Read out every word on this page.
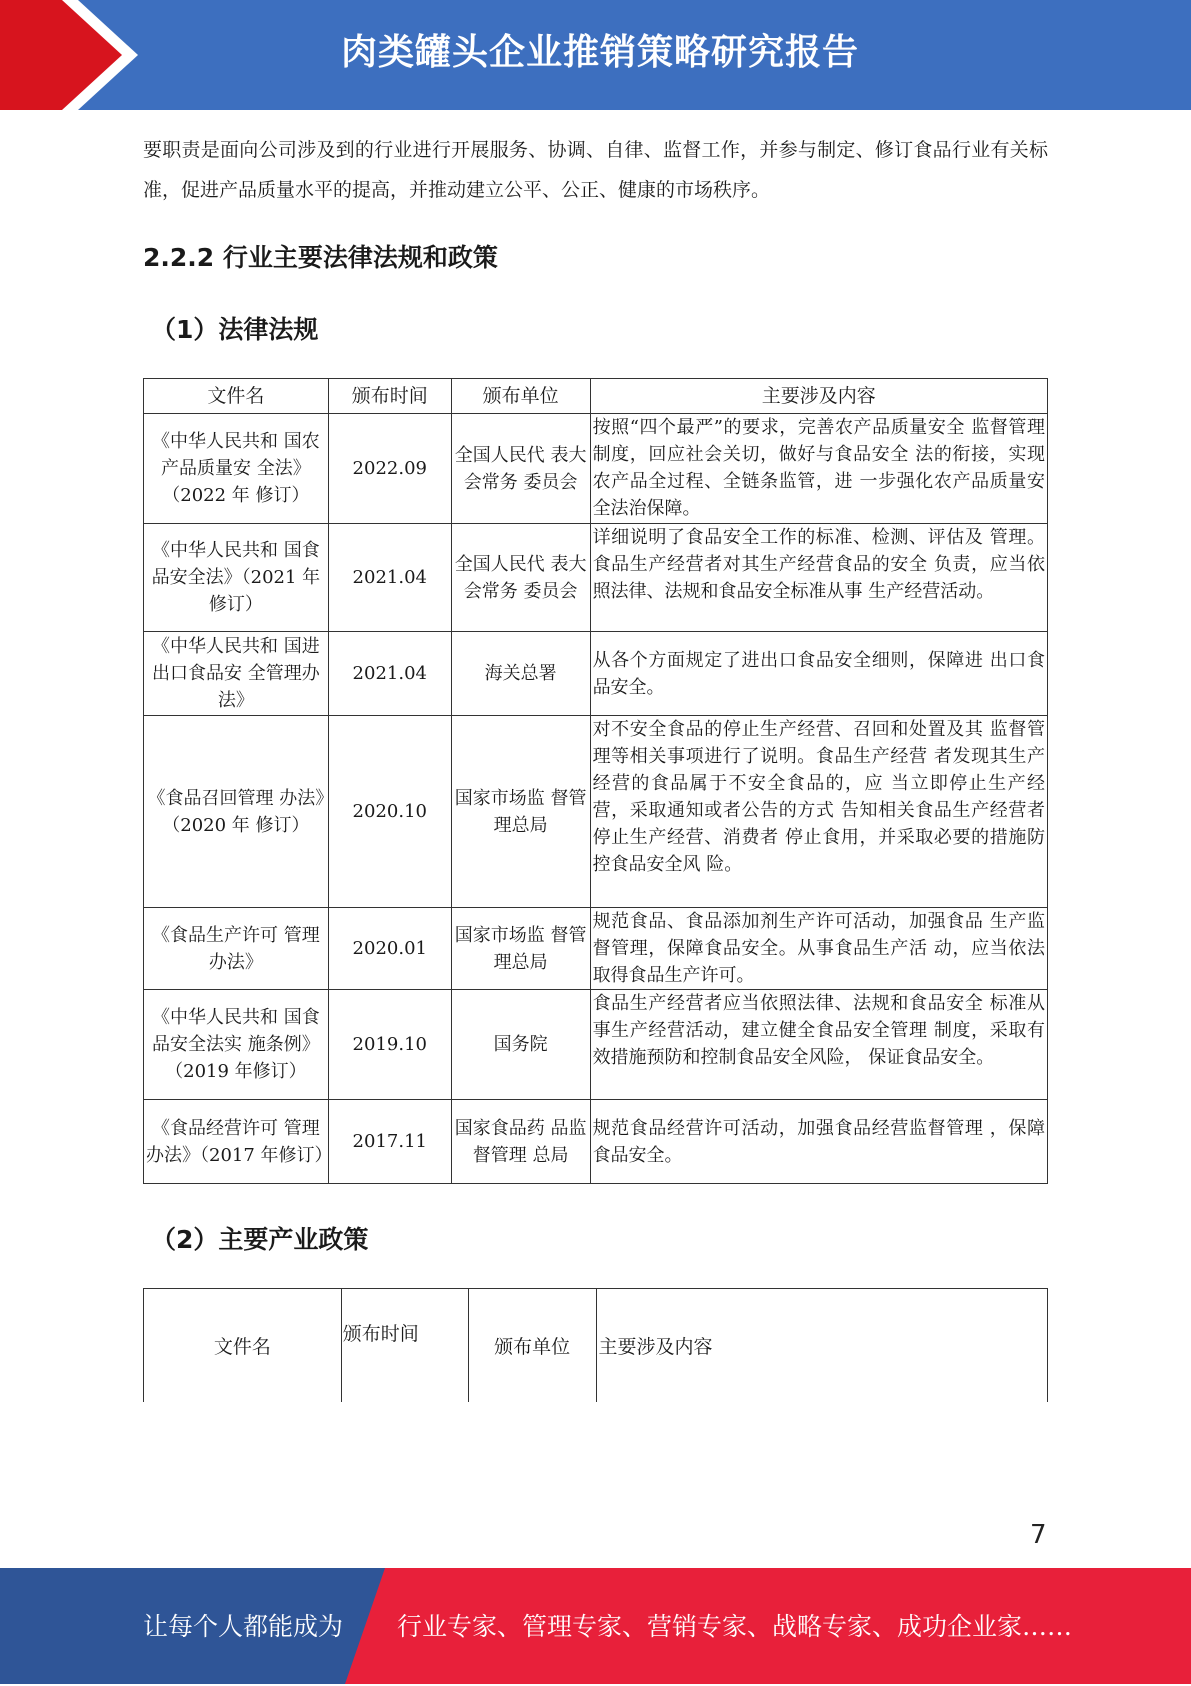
肉类罐头企业推销策略研究报告

要职责是面向公司涉及到的行业进行开展服务、协调、自律、监督工作，并参与制定、修订食品行业有关标准，促进产品质量水平的提高，并推动建立公平、公正、健康的市场秩序。

2.2.2 行业主要法律法规和政策
（1）法律法规
文件名	颁布时间	颁布单位	主要涉及内容
《中华人民共和 国农产品质量安 全法》（2022 年 修订）	2022.09	全国人民代 表大会常务 委员会	按照“四个最严”的要求，完善农产品质量安全 监督管理制度，回应社会关切，做好与食品安全 法的衔接，实现农产品全过程、全链条监管，进 一步强化农产品质量安全法治保障。
《中华人民共和 国食品安全法》（2021 年修订）	2021.04	全国人民代 表大会常务 委员会	详细说明了食品安全工作的标准、检测、评估及 管理。食品生产经营者对其生产经营食品的安全 负责，应当依照法律、法规和食品安全标准从事 生产经营活动。
《中华人民共和 国进出口食品安 全管理办法》	2021.04	海关总署	从各个方面规定了进出口食品安全细则，保障进 出口食品安全。
《食品召回管理 办法》（2020 年 修订）	2020.10	国家市场监 督管理总局	对不安全食品的停止生产经营、召回和处置及其 监督管理等相关事项进行了说明。食品生产经营 者发现其生产经营的食品属于不安全食品的，应 当立即停止生产经营，采取通知或者公告的方式 告知相关食品生产经营者停止生产经营、消费者 停止食用，并采取必要的措施防控食品安全风 险。
《食品生产许可 管理办法》	2020.01	国家市场监 督管理总局	规范食品、食品添加剂生产许可活动，加强食品 生产监督管理，保障食品安全。从事食品生产活 动，应当依法取得食品生产许可。
《中华人民共和 国食品安全法实 施条例》（2019 年修订）	2019.10	国务院	食品生产经营者应当依照法律、法规和食品安全 标准从事生产经营活动，建立健全食品安全管理 制度，采取有效措施预防和控制食品安全风险， 保证食品安全。
《食品经营许可 管理办法》（2017 年修订）	2017.11	国家食品药 品监督管理 总局	规范食品经营许可活动，加强食品经营监督管理 ，保障食品安全。
（2）主要产业政策
文件名	颁布时间	颁布单位	主要涉及内容
7
让每个人都能成为 行业专家、管理专家、营销专家、战略专家、成功企业家……
